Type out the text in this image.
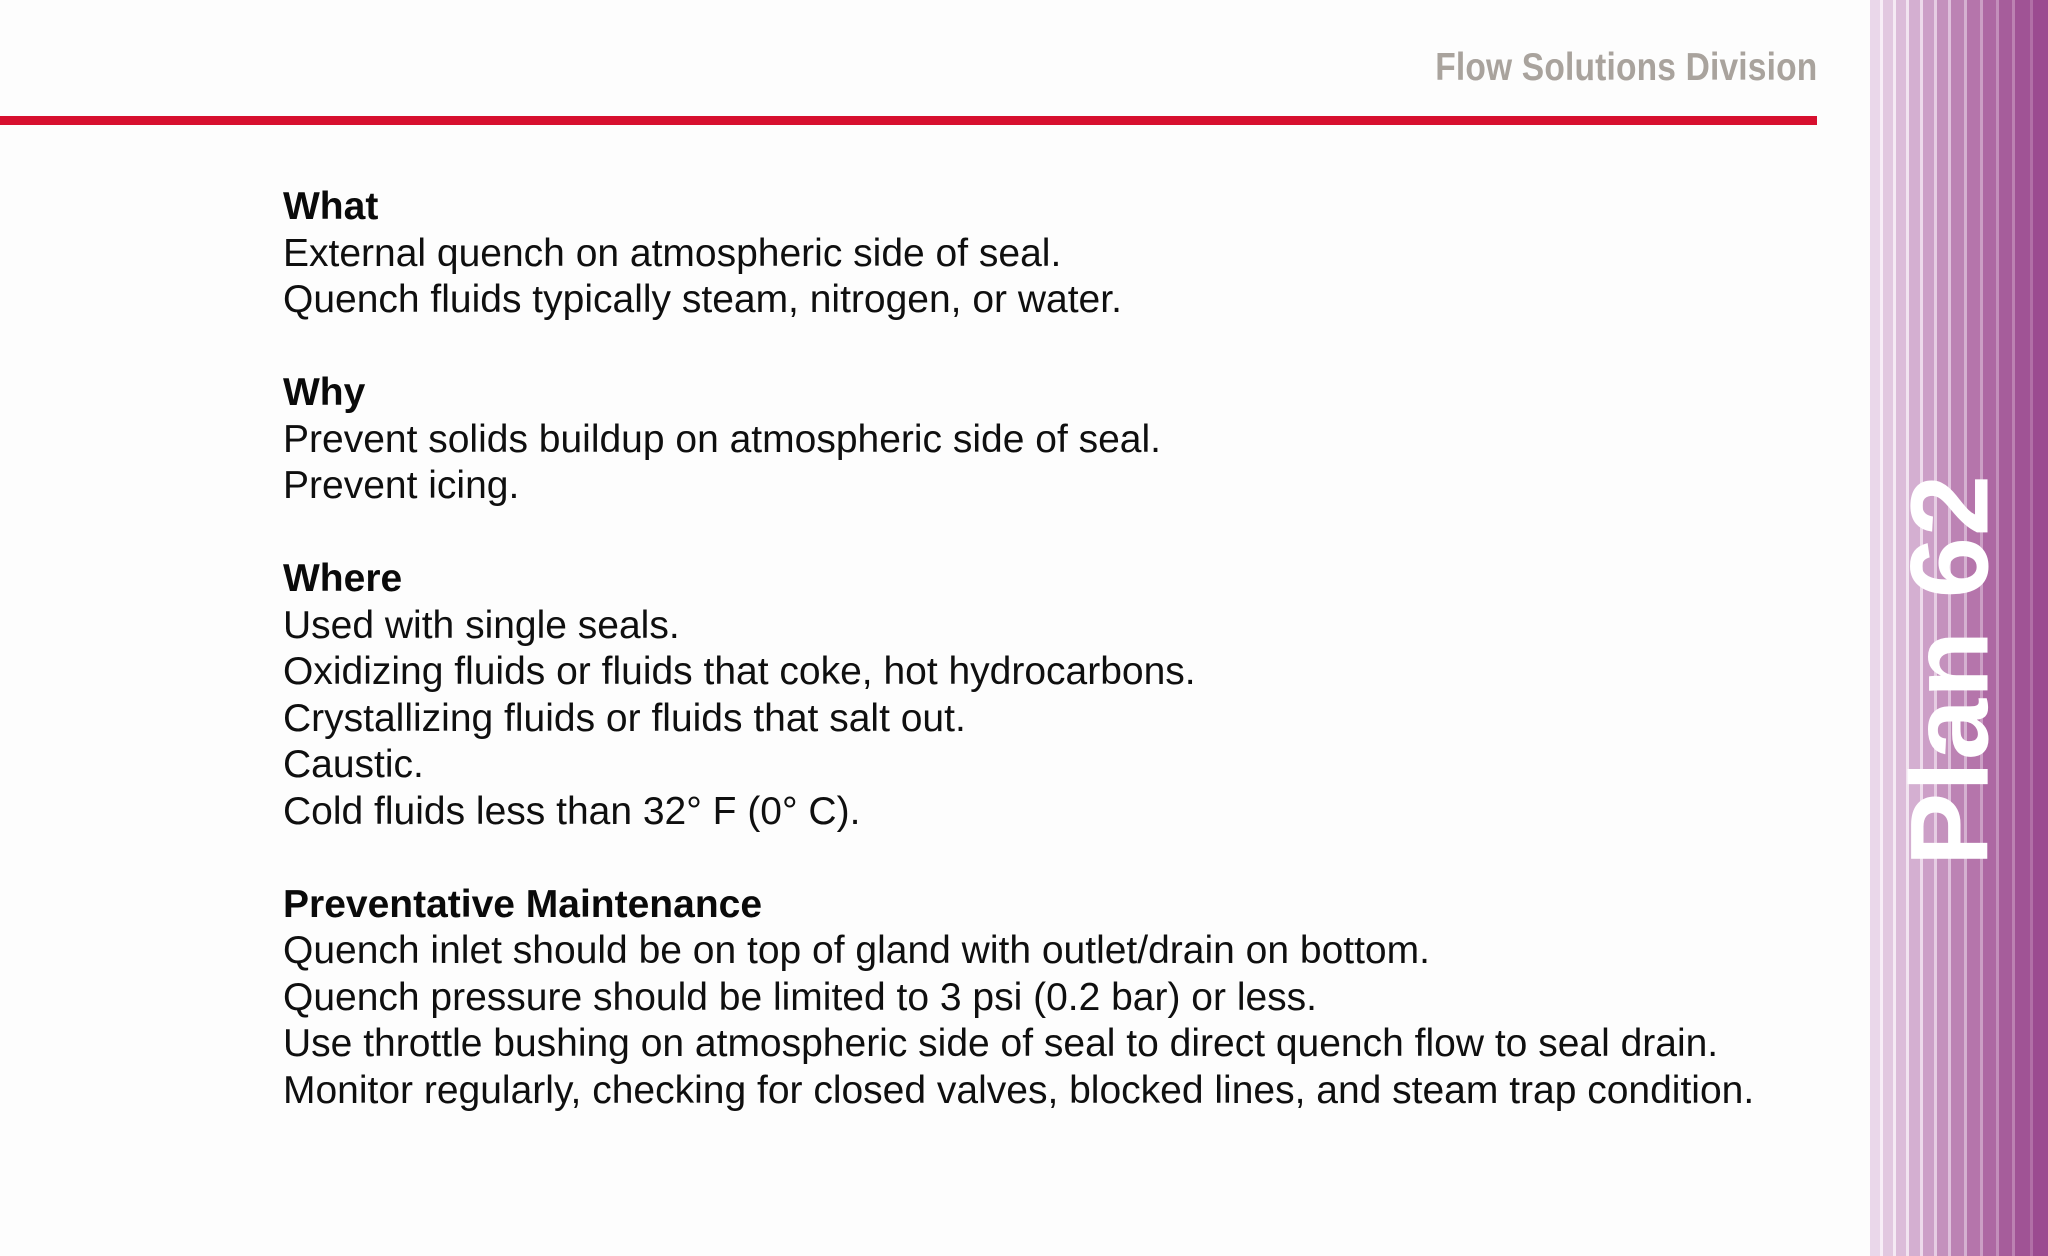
Flow Solutions Division
What

External quench on atmospheric side of seal.

Quench fluids typically steam, nitrogen, or water.

Why

Prevent solids buildup on atmospheric side of seal.

Prevent icing.

Where

Used with single seals.

Oxidizing fluids or fluids that coke, hot hydrocarbons.

Crystallizing fluids or fluids that salt out.

Caustic.

Cold fluids less than 32° F (0° C).

Preventative Maintenance

Quench inlet should be on top of gland with outlet/drain on bottom.

Quench pressure should be limited to 3 psi (0.2 bar) or less.

Use throttle bushing on atmospheric side of seal to direct quench flow to seal drain.

Monitor regularly, checking for closed valves, blocked lines, and steam trap condition.

Plan 62
